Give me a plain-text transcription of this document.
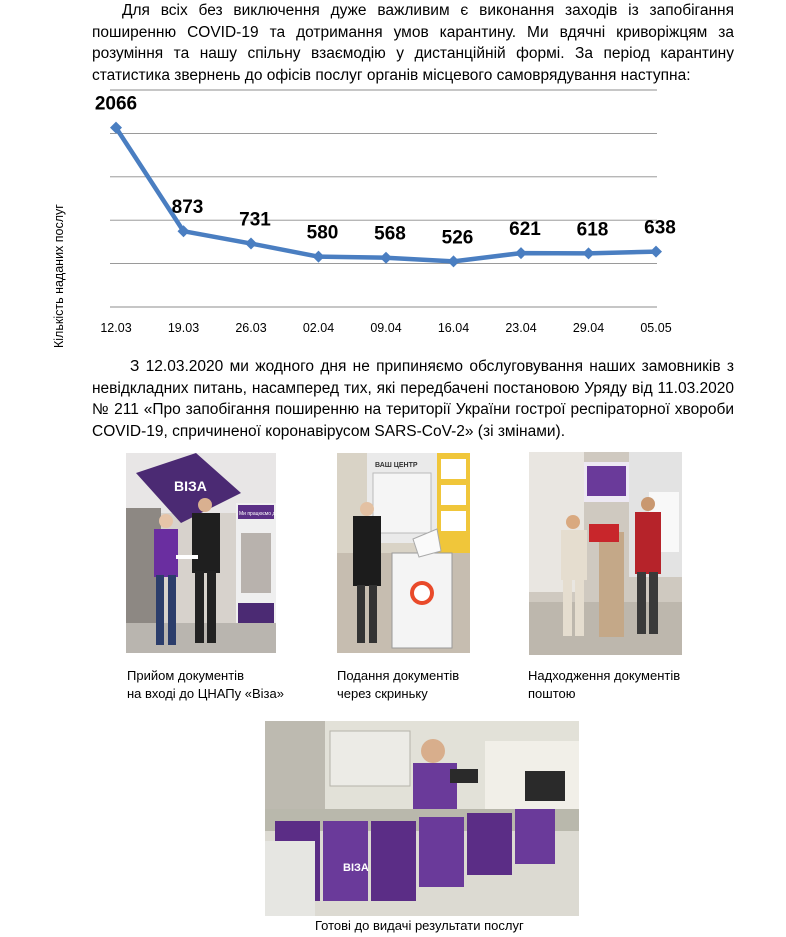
Для всіх без виключення дуже важливим є виконання заходів із запобігання поширенню COVID-19 та дотримання умов карантину. Ми вдячні криворіжцям за розуміння та нашу спільну взаємодію у дистанційній формі. За період карантину статистика звернень до офісів послуг органів місцевого самоврядування наступна:

12.03	19.03	26.03	02.04	09.04	16.04	23.04	29.04	05.05
2066
873
731
580 568 526 621 618 638
Кількість наданих послуг

З 12.03.2020 ми жодного дня не припиняємо обслуговування наших замовників з невідкладних питань, насамперед тих, які передбачені постановою Уряду від 11.03.2020 № 211 «Про запобігання поширенню на території України гострої респіраторної хвороби COVID-19, спричиненої коронавірусом SARS-CoV-2» (зі змінами).

ВІЗА
Ми працюємо для Вас
Прийом документів
на вході до ЦНАПу «Віза»
ВАШ ЦЕНТР
Подання документів
через скриньку
Надходження документів
поштою
ВІЗА
Готові до видачі результати послуг
